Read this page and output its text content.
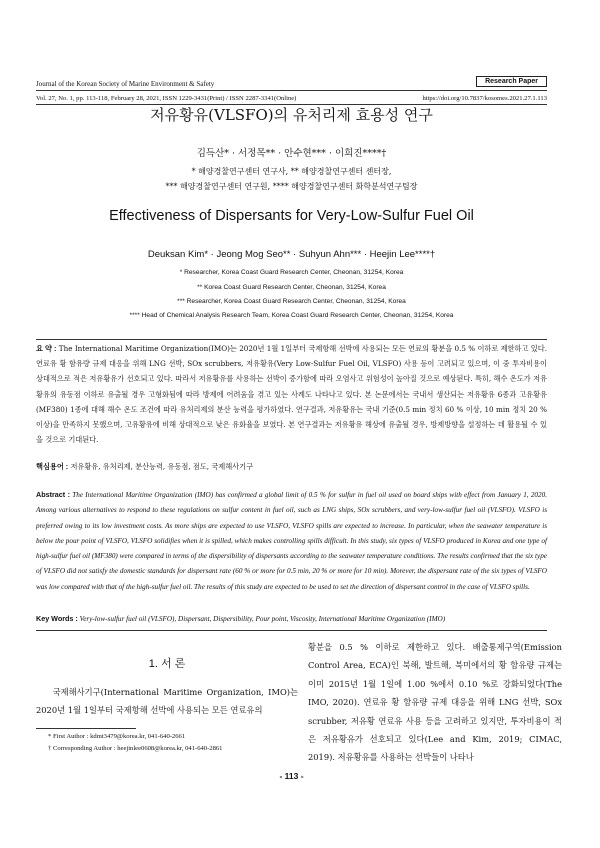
Journal of the Korean Society of Marine Environment & Safety	Research Paper
Vol. 27, No. 1, pp. 113-118, February 28, 2021, ISSN 1229-3431(Print) / ISSN 2287-3341(Online)	https://doi.org/10.7837/kosomes.2021.27.1.113
저유황유(VLSFO)의 유처리제 효용성 연구
김득산* · 서정목** · 안수현*** · 이희진****†
* 해양경찰연구센터 연구사, ** 해양경찰연구센터 센터장,
*** 해양경찰연구센터 연구원, **** 해양경찰연구센터 화학분석연구팀장
Effectiveness of Dispersants for Very-Low-Sulfur Fuel Oil
Deuksan Kim* · Jeong Mog Seo** · Suhyun Ahn*** · Heejin Lee****†
* Researcher, Korea Coast Guard Research Center, Cheonan, 31254, Korea
** Korea Coast Guard Research Center, Cheonan, 31254, Korea
*** Researcher, Korea Coast Guard Research Center, Cheonan, 31254, Korea
**** Head of Chemical Analysis Research Team, Korea Coast Guard Research Center, Cheonan, 31254, Korea
요 약 : The International Maritime Organization(IMO)는 2020년 1월 1일부터 국제항해 선박에 사용되는 모든 연료의 황분을 0.5 % 이하로 제한하고 있다. 연료유 황 함유량 규제 대응을 위해 LNG 선박, SOx scrubbers, 저유황유(Very Low-Sulfur Fuel Oil, VLSFO) 사용 등이 고려되고 있으며, 이 중 투자비용이 상대적으로 적은 저유황유가 선호되고 있다. 따라서 저유황유를 사용하는 선박이 증가함에 따라 오염사고 위험성이 높아질 것으로 예상된다. 특히, 해수 온도가 저유황유의 유동점 이하로 유출될 경우 고형화됨에 따라 방제에 어려움을 겪고 있는 사례도 나타나고 있다. 본 논문에서는 국내서 생산되는 저유황유 6종과 고유황유(MF380) 1종에 대해 해수 온도 조건에 따라 유처리제의 분산 능력을 평가하였다. 연구결과, 저유황유는 국내 기준(0.5 min 정치 60 % 이상, 10 min 정치 20 % 이상)을 만족하지 못했으며, 고유황유에 비해 상대적으로 낮은 유화율을 보였다. 본 연구결과는 저유황유 해상에 유출될 경우, 방제방향을 설정하는 데 활용될 수 있을 것으로 기대된다.
핵심용어 : 저유황유, 유처리제, 분산능력, 유동점, 점도, 국제해사기구
Abstract : The International Maritime Organization (IMO) has confirmed a global limit of 0.5 % for sulfur in fuel oil used on board ships with effect from January 1, 2020. Among various alternatives to respond to these regulations on sulfur content in fuel oil, such as LNG ships, SOx scrubbers, and very-low-sulfur fuel oil (VLSFO). VLSFO is preferred owing to its low investment costs. As more ships are expected to use VLSFO, VLSFO spills are expected to increase. In particular, when the seawater temperature is below the pour point of VLSFO, VLSFO solidifies when it is spilled, which makes controlling spills difficult. In this study, six types of VLSFO produced in Korea and one type of high-sulfur fuel oil (MF380) were compared in terms of the dispersibility of dispersants according to the seawater temperature conditions. The results confirmed that the six type of VLSFO did not satisfy the domestic standards for dispersant rate (60 % or more for 0.5 min, 20 % or more for 10 min). Morever, the dispersant rate of the six types of VLSFO was low compared with that of the high-sulfur fuel oil. The results of this study are expected to be used to set the direction of dispersant control in the case of VLSFO spills.
Key Words : Very-low-sulfur fuel oil (VLSFO), Dispersant, Dispersibility, Pour point, Viscosity, International Maritime Organization (IMO)
1. 서 론
국제해사기구(International Maritime Organization, IMO)는 2020년 1월 1일부터 국제항해 선박에 사용되는 모든 연료유의
황분을 0.5 % 이하로 제한하고 있다. 배출통제구역(Emission Control Area, ECA)인 북해, 발트해, 북미에서의 황 함유량 규제는 이미 2015년 1월 1일에 1.00 %에서 0.10 %로 강화되었다(The IMO, 2020). 연료유 황 함유량 규제 대응을 위해 LNG 선박, SOx scrubber, 저유황 연료유 사용 등을 고려하고 있지만, 투자비용이 적은 저유황유가 선호되고 있다(Lee and Kim, 2019; CIMAC, 2019). 저유황유를 사용하는 선박들이 나타나
* First Author : kdmt3479@korea.kr, 041-640-2661
† Corresponding Author : heejinlee0608@korea.kr, 041-640-2861
- 113 -
